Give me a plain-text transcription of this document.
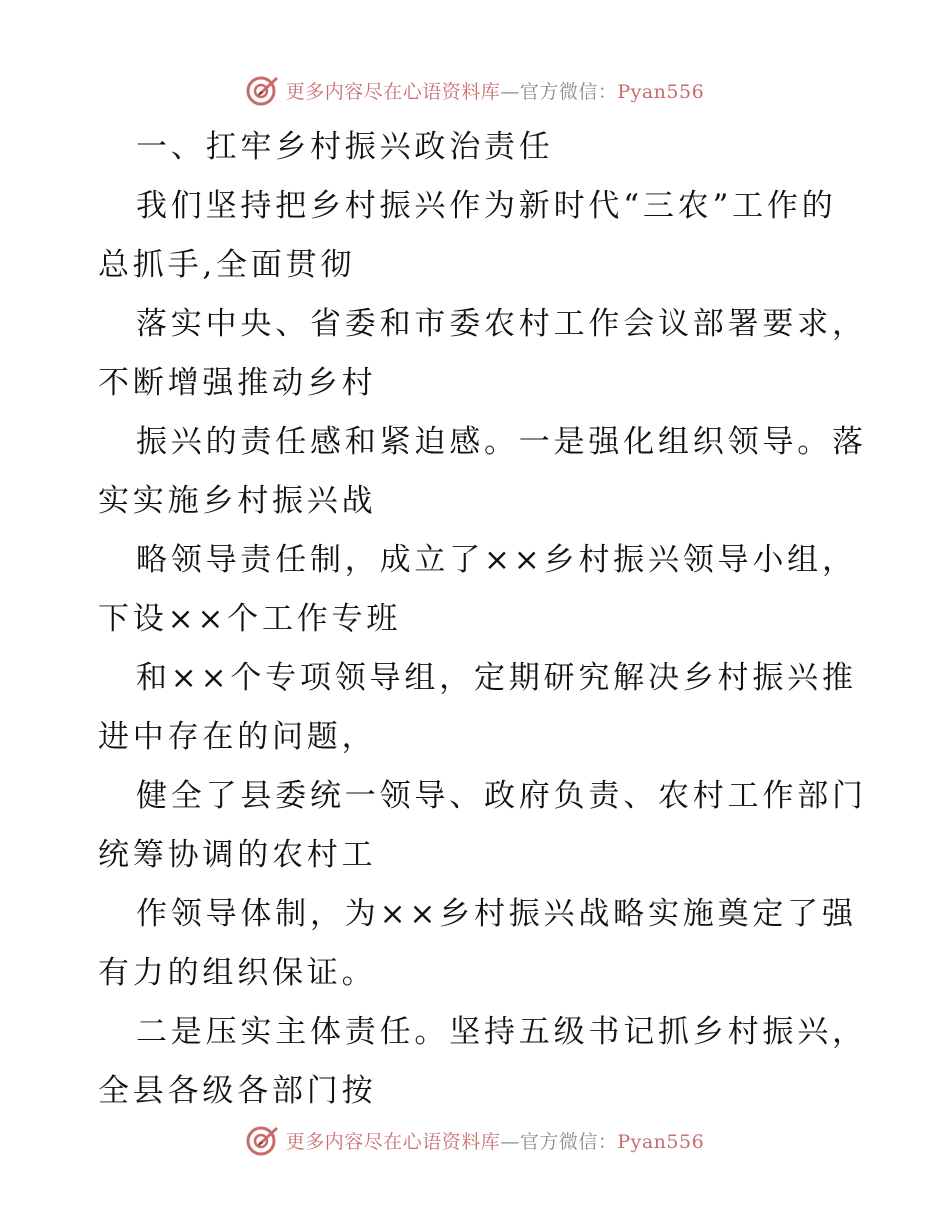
更多内容尽在心语资料库—官方微信：Pyan556
一、扛牢乡村振兴政治责任
我们坚持把乡村振兴作为新时代“三农”工作的
总抓手,全面贯彻
落实中央、省委和市委农村工作会议部署要求，
不断增强推动乡村
振兴的责任感和紧迫感。一是强化组织领导。落
实实施乡村振兴战
略领导责任制，成立了××乡村振兴领导小组，
下设××个工作专班
和××个专项领导组，定期研究解决乡村振兴推
进中存在的问题，
健全了县委统一领导、政府负责、农村工作部门
统筹协调的农村工
作领导体制，为××乡村振兴战略实施奠定了强
有力的组织保证。
二是压实主体责任。坚持五级书记抓乡村振兴，
全县各级各部门按
更多内容尽在心语资料库—官方微信：Pyan556
